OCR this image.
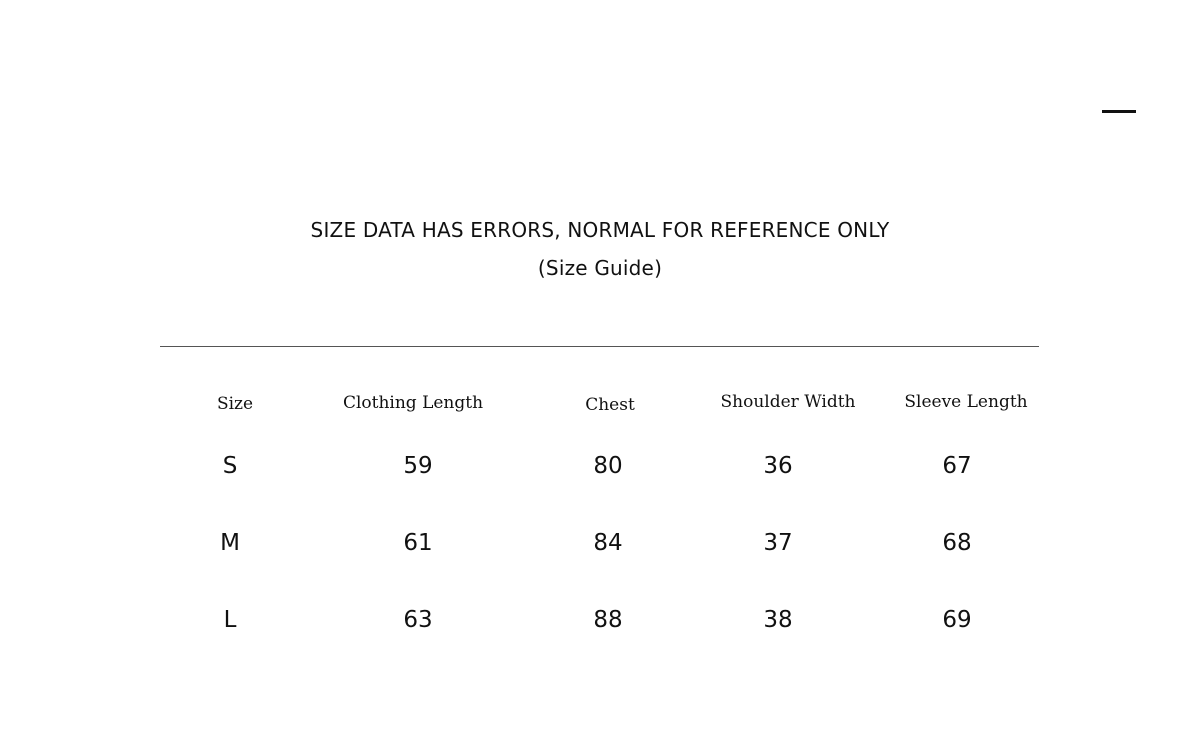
SIZE DATA HAS ERRORS, NORMAL FOR REFERENCE ONLY
(Size Guide)
Size	Clothing Length	Chest	Shoulder Width	Sleeve Length
S	59	80	36	67
M	61	84	37	68
L	63	88	38	69
